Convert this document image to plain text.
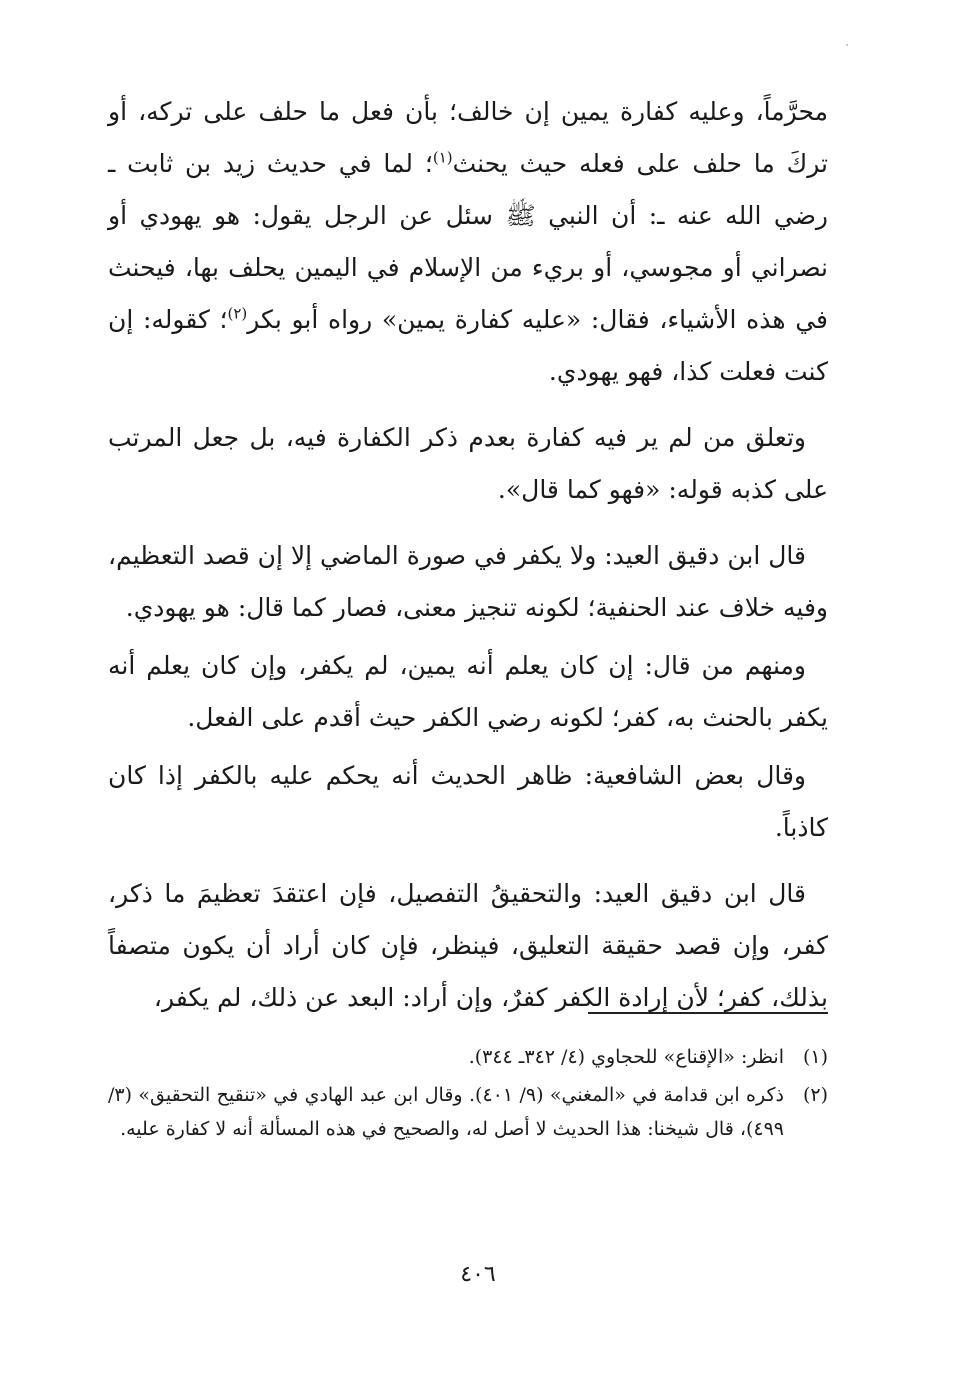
محرَّماً، وعليه كفارة يمين إن خالف؛ بأن فعل ما حلف على تركه، أو تركَ ما حلف على فعله حيث يحنث$^{(١)}$؛ لما في حديث زيد بن ثابت ـ رضي الله عنه ـ: أن النبي ﷺ سئل عن الرجل يقول: هو يهودي أو نصراني أو مجوسي، أو بريء من الإسلام في اليمين يحلف بها، فيحنث في هذه الأشياء، فقال: «عليه كفارة يمين» رواه أبو بكر$^{(٢)}$؛ كقوله: إن كنت فعلت كذا، فهو يهودي.

وتعلق من لم ير فيه كفارة بعدم ذكر الكفارة فيه، بل جعل المرتب على كذبه قوله: «فهو كما قال».

قال ابن دقيق العيد: ولا يكفر في صورة الماضي إلا إن قصد التعظيم، وفيه خلاف عند الحنفية؛ لكونه تنجيز معنى، فصار كما قال: هو يهودي.

ومنهم من قال: إن كان يعلم أنه يمين، لم يكفر، وإن كان يعلم أنه يكفر بالحنث به، كفر؛ لكونه رضي الكفر حيث أقدم على الفعل.

وقال بعض الشافعية: ظاهر الحديث أنه يحكم عليه بالكفر إذا كان كاذباً.

قال ابن دقيق العيد: والتحقيقُ التفصيل، فإن اعتقدَ تعظيمَ ما ذكر، كفر، وإن قصد حقيقة التعليق، فينظر، فإن كان أراد أن يكون متصفاً بذلك، كفر؛ لأن إرادة الكفر كفرٌ، وإن أراد: البعد عن ذلك، لم يكفر،

(١)
انظر: «الإقناع» للحجاوي (٤/ ٣٤٢ـ ٣٤٤).
(٢)
ذكره ابن قدامة في «المغني» (٩/ ٤٠١). وقال ابن عبد الهادي في «تنقيح التحقيق» (٣/ ٤٩٩)، قال شيخنا: هذا الحديث لا أصل له، والصحيح في هذه المسألة أنه لا كفارة عليه.
٤٠٦
